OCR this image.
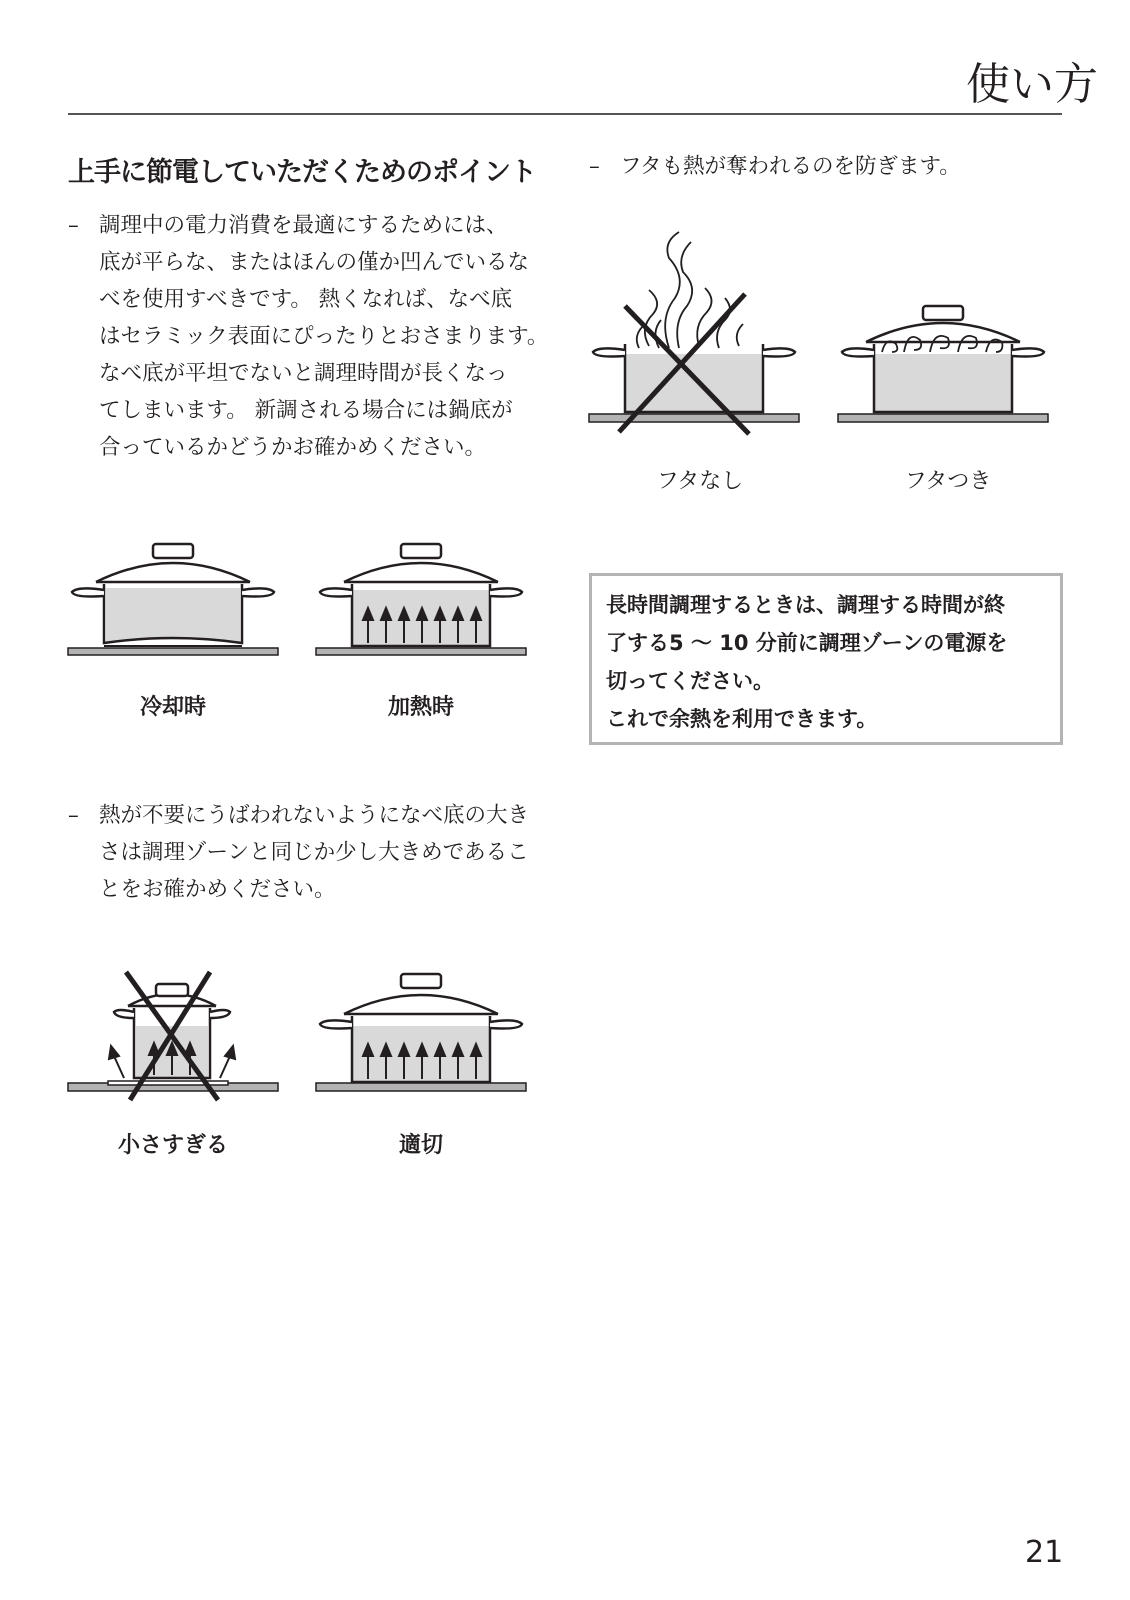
使い方
上手に節電していただくためのポイント
– 調理中の電力消費を最適にするためには、
底が平らな、またはほんの僅か凹んでいるな
べを使用すべきです。 熱くなれば、なべ底
はセラミック表面にぴったりとおさまります。
なべ底が平坦でないと調理時間が長くなっ
てしまいます。 新調される場合には鍋底が
合っているかどうかお確かめください。
– フタも熱が奪われるのを防ぎます。
冷却時	加熱時
– 熱が不要にうばわれないようになべ底の大き
さは調理ゾーンと同じか少し大きめであるこ
とをお確かめください。
小さすぎる	適切
フタなし	フタつき
長時間調理するときは、調理する時間が終
了する5 ～ 10 分前に調理ゾーンの電源を
切ってください。
これで余熱を利用できます。
21
